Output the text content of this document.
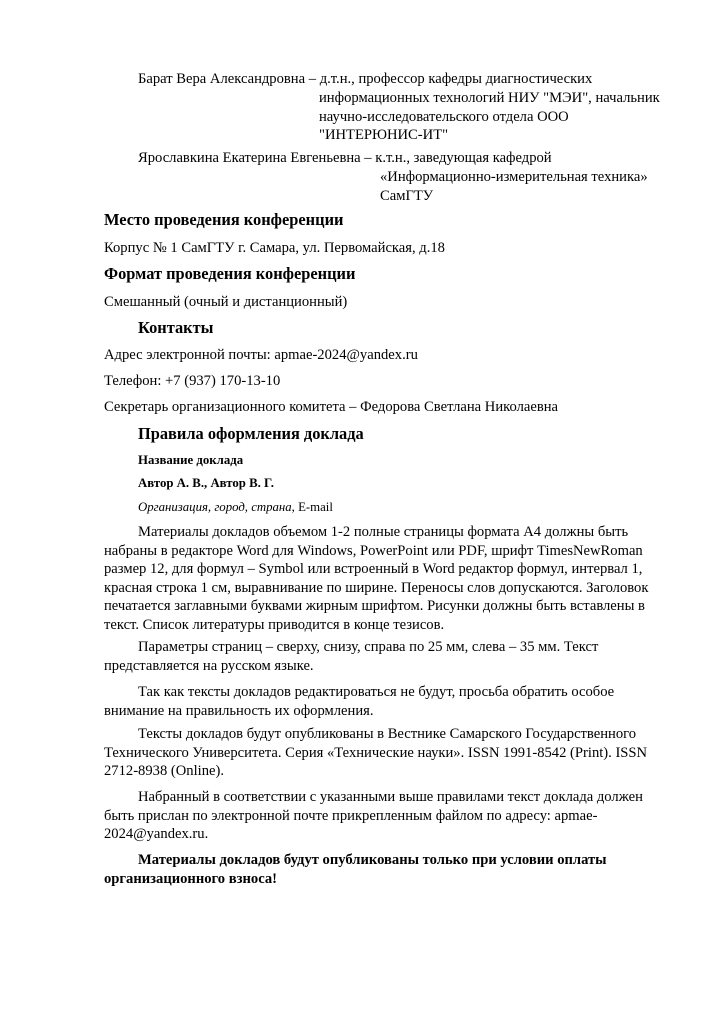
Барат Вера Александровна – д.т.н., профессор кафедры диагностических
информационных технологий НИУ "МЭИ", начальник
научно-исследовательского отдела ООО
"ИНТЕРЮНИС-ИТ"
Ярославкина Екатерина Евгеньевна – к.т.н., заведующая кафедрой
«Информационно-измерительная техника»
СамГТУ
Место проведения конференции
Корпус № 1 СамГТУ г. Самара, ул. Первомайская, д.18
Формат проведения конференции
Смешанный (очный и дистанционный)
Контакты
Адрес электронной почты: apmae-2024@yandex.ru
Телефон: +7 (937) 170-13-10
Секретарь организационного комитета – Федорова Светлана Николаевна
Правила оформления доклада
Название доклада
Автор А. В., Автор В. Г.
Организация, город, страна, E-mail
Материалы докладов объемом 1-2 полные страницы формата А4 должны быть
набраны в редакторе Word для Windows, PowerPoint или PDF, шрифт TimesNewRoman
размер 12, для формул – Symbol или встроенный в Word редактор формул, интервал 1,
красная строка 1 см, выравнивание по ширине. Переносы слов допускаются. Заголовок
печатается заглавными буквами жирным шрифтом. Рисунки должны быть вставлены в
текст. Список литературы приводится в конце тезисов.
Параметры страниц – сверху, снизу, справа по 25 мм, слева – 35 мм. Текст
представляется на русском языке.
Так как тексты докладов редактироваться не будут, просьба обратить особое
внимание на правильность их оформления.
Тексты докладов будут опубликованы в Вестнике Самарского Государственного
Технического Университета. Серия «Технические науки». ISSN 1991-8542 (Print). ISSN
2712-8938 (Online).
Набранный в соответствии с указанными выше правилами текст доклада должен
быть прислан по электронной почте прикрепленным файлом по адресу: apmae-
2024@yandex.ru.
Материалы докладов будут опубликованы только при условии оплаты
организационного взноса!
